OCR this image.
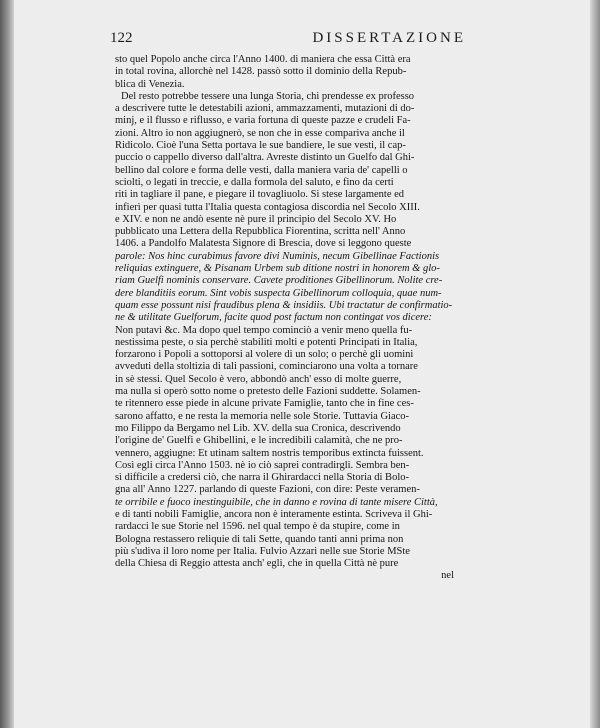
122	DISSERTAZIONE
sto quel Popolo anche circa l'Anno 1400. di maniera che essa Città era
in total rovina, allorchè nel 1428. passò sotto il dominio della Repub-
blica di Venezia.
Del resto potrebbe tessere una lunga Storia, chi prendesse ex professo
a descrivere tutte le detestabili azioni, ammazzamenti, mutazioni di do-
minj, e il flusso e riflusso, e varia fortuna di queste pazze e crudeli Fa-
zioni. Altro io non aggiugnerò, se non che in esse compariva anche il
Ridicolo. Cioè l'una Setta portava le sue bandiere, le sue vesti, il cap-
puccio o cappello diverso dall'altra. Avreste distinto un Guelfo dal Ghi-
bellino dal colore e forma delle vesti, dalla maniera varia de' capelli o
sciolti, o legati in treccie, e dalla formola del saluto, e fino da certi
riti in tagliare il pane, e piegare il tovagliuolo. Si stese largamente ed
infierì per quasi tutta l'Italia questa contagiosa discordia nel Secolo XIII.
e XIV. e non ne andò esente nè pure il principio del Secolo XV. Ho
pubblicato una Lettera della Repubblica Fiorentina, scritta nell' Anno
1406. a Pandolfo Malatesta Signore di Brescia, dove si leggono queste
parole: Nos hinc curabimus favore divi Numinis, necum Gibellinae Factionis
reliquias extinguere, & Pisanam Urbem sub ditione nostri in honorem & glo-
riam Guelfi nominis conservare. Cavete proditiones Gibellinorum. Nolite cre-
dere blanditiis eorum. Sint vobis suspecta Gibellinorum colloquia, quae num-
quam esse possunt nisi fraudibus plena & insidiis. Ubi tractatur de confirmatio-
ne & utilitate Guelforum, facite quod post factum non contingat vos dicere:
Non putavi &c. Ma dopo quel tempo cominciò a venir meno quella fu-
nestissima peste, o sia perchè stabiliti molti e potenti Principati in Italia,
forzarono i Popoli a sottoporsi al volere di un solo; o perchè gli uomini
avveduti della stoltizia di tali passioni, cominciarono una volta a tornare
in sè stessi. Quel Secolo è vero, abbondò anch' esso di molte guerre,
ma nulla si operò sotto nome o pretesto delle Fazioni suddette. Solamen-
te ritennero esse piede in alcune private Famiglie, tanto che in fine ces-
sarono affatto, e ne resta la memoria nelle sole Storie. Tuttavia Giaco-
mo Filippo da Bergamo nel Lib. XV. della sua Cronica, descrivendo
l'origine de' Guelfi e Ghibellini, e le incredibili calamità, che ne pro-
vennero, aggiugne: Et utinam saltem nostris temporibus extincta fuissent.
Così egli circa l'Anno 1503. nè io ciò saprei contradirgli. Sembra ben-
sì difficile a credersi ciò, che narra il Ghirardacci nella Storia di Bolo-
gna all' Anno 1227. parlando di queste Fazioni, con dire: Peste veramen-
te orribile e fuoco inestinguibile, che in danno e rovina di tante misere Città,
e di tanti nobili Famiglie, ancora non è interamente estinta. Scriveva il Ghi-
rardacci le sue Storie nel 1596. nel qual tempo è da stupire, come in
Bologna restassero reliquie di tali Sette, quando tanti anni prima non
più s'udiva il loro nome per Italia. Fulvio Azzari nelle sue Storie MSte
della Chiesa di Reggio attesta anch' egli, che in quella Città nè pure
nel
